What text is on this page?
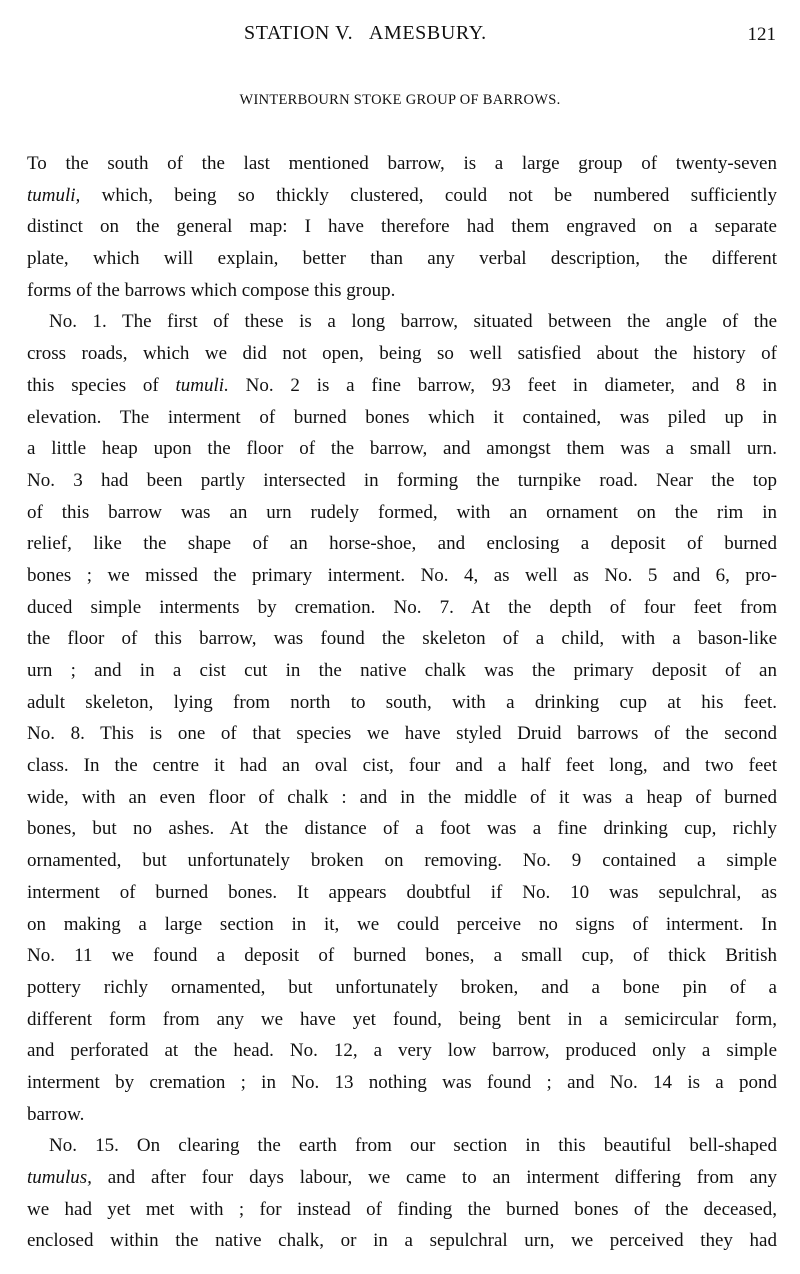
STATION V.   AMESBURY.	121
WINTERBOURN STOKE GROUP OF BARROWS.
To the south of the last mentioned barrow, is a large group of twenty-seven
tumuli, which, being so thickly clustered, could not be numbered sufficiently
distinct on the general map: I have therefore had them engraved on a separate
plate, which will explain, better than any verbal description, the different
forms of the barrows which compose this group.
No. 1. The first of these is a long barrow, situated between the angle of the
cross roads, which we did not open, being so well satisfied about the history of
this species of tumuli. No. 2 is a fine barrow, 93 feet in diameter, and 8 in
elevation. The interment of burned bones which it contained, was piled up in
a little heap upon the floor of the barrow, and amongst them was a small urn.
No. 3 had been partly intersected in forming the turnpike road. Near the top
of this barrow was an urn rudely formed, with an ornament on the rim in
relief, like the shape of an horse-shoe, and enclosing a deposit of burned
bones ; we missed the primary interment. No. 4, as well as No. 5 and 6, pro-
duced simple interments by cremation. No. 7. At the depth of four feet from
the floor of this barrow, was found the skeleton of a child, with a bason-like
urn ; and in a cist cut in the native chalk was the primary deposit of an
adult skeleton, lying from north to south, with a drinking cup at his feet.
No. 8. This is one of that species we have styled Druid barrows of the second
class. In the centre it had an oval cist, four and a half feet long, and two feet
wide, with an even floor of chalk : and in the middle of it was a heap of burned
bones, but no ashes. At the distance of a foot was a fine drinking cup, richly
ornamented, but unfortunately broken on removing. No. 9 contained a simple
interment of burned bones. It appears doubtful if No. 10 was sepulchral, as
on making a large section in it, we could perceive no signs of interment. In
No. 11 we found a deposit of burned bones, a small cup, of thick British
pottery richly ornamented, but unfortunately broken, and a bone pin of a
different form from any we have yet found, being bent in a semicircular form,
and perforated at the head. No. 12, a very low barrow, produced only a simple
interment by cremation ; in No. 13 nothing was found ; and No. 14 is a pond
barrow.
No. 15. On clearing the earth from our section in this beautiful bell-shaped
tumulus, and after four days labour, we came to an interment differing from any
we had yet met with ; for instead of finding the burned bones of the deceased,
enclosed within the native chalk, or in a sepulchral urn, we perceived they had
